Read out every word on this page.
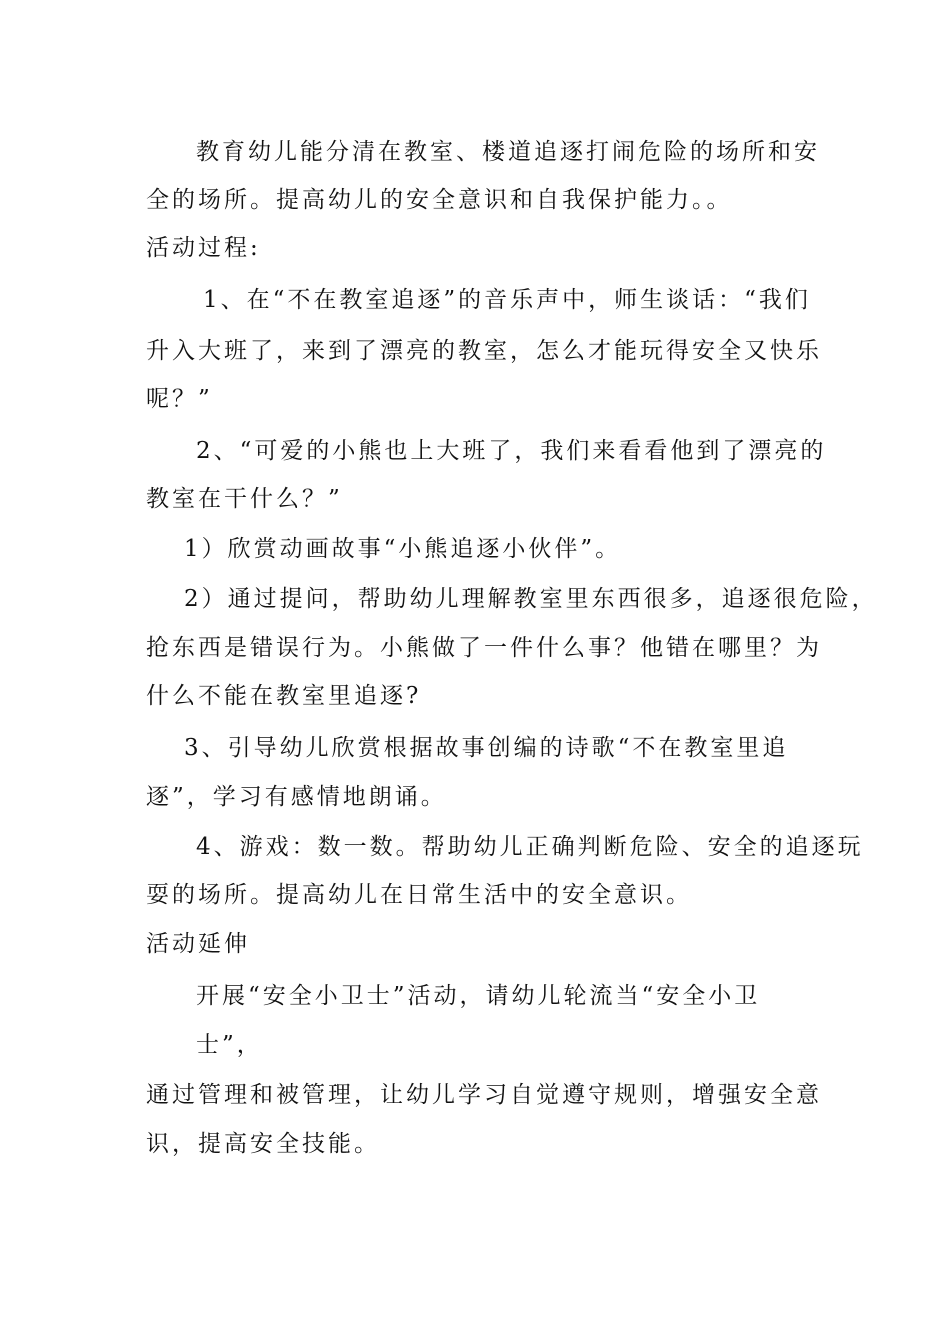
教育幼儿能分清在教室、楼道追逐打闹危险的场所和安
全的场所。提高幼儿的安全意识和自我保护能力。。
活动过程:
1、在“不在教室追逐”的音乐声中，师生谈话：“我们
升入大班了，来到了漂亮的教室，怎么才能玩得安全又快乐
呢？”
2、“可爱的小熊也上大班了，我们来看看他到了漂亮的
教室在干什么？”
1）欣赏动画故事“小熊追逐小伙伴”。
2）通过提问，帮助幼儿理解教室里东西很多，追逐很危险，
抢东西是错误行为。小熊做了一件什么事？他错在哪里？为
什么不能在教室里追逐?
3、引导幼儿欣赏根据故事创编的诗歌“不在教室里追
逐”，学习有感情地朗诵。
4、游戏：数一数。帮助幼儿正确判断危险、安全的追逐玩
耍的场所。提高幼儿在日常生活中的安全意识。
活动延伸
开展“安全小卫士”活动，请幼儿轮流当“安全小卫
士”，
通过管理和被管理，让幼儿学习自觉遵守规则，增强安全意
识，提高安全技能。
